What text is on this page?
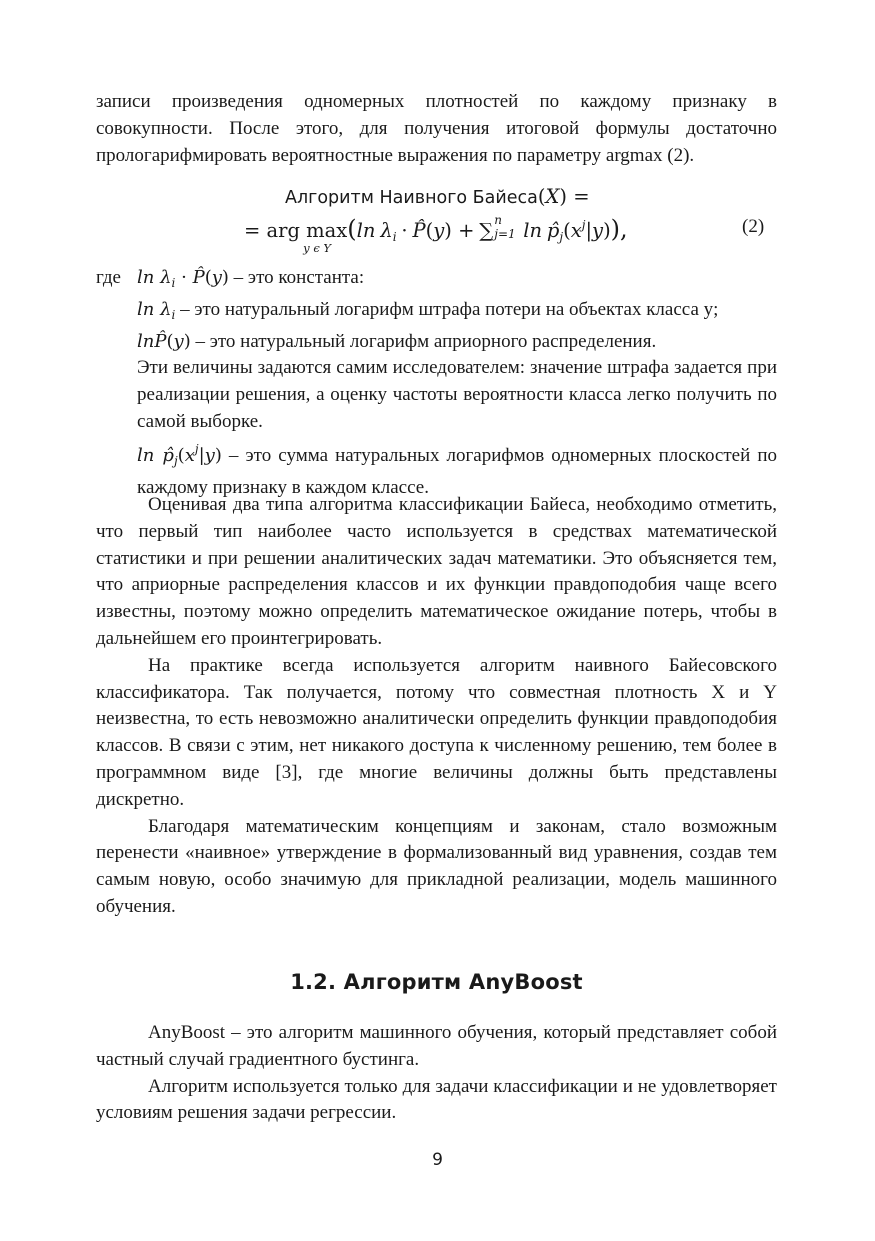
записи произведения одномерных плотностей по каждому признаку в совокупности. После этого, для получения итоговой формулы достаточно прологарифмировать вероятностные выражения по параметру argmax (2).

Алгоритм Наивного Байеса(X) =
= arg max
y ϵ Y
(ln $\lambda_i$ · P̂(y) + ∑ n
j=1 $\ln p̂_j(x^j|y)$),	(2)
где $\ln \lambda_i$ · P̂(y) – это константа:
$\ln \lambda_i$ – это натуральный логарифм штрафа потери на объектах класса y;
lnP̂(y) – это натуральный логарифм априорного распределения.
Эти величины задаются самим исследователем: значение штрафа задается при реализации решения, а оценку частоты вероятности класса легко получить по самой выборке.
$\ln p̂_j(x^j|y)$ – это сумма натуральных логарифмов одномерных плоскостей по каждому признаку в каждом классе.

Оценивая два типа алгоритма классификации Байеса, необходимо отметить, что первый тип наиболее часто используется в средствах математической статистики и при решении аналитических задач математики. Это объясняется тем, что априорные распределения классов и их функции правдоподобия чаще всего известны, поэтому можно определить математическое ожидание потерь, чтобы в дальнейшем его проинтегрировать.

На практике всегда используется алгоритм наивного Байесовского классификатора. Так получается, потому что совместная плотность X и Y неизвестна, то есть невозможно аналитически определить функции правдоподобия классов. В связи с этим, нет никакого доступа к численному решению, тем более в программном виде [3], где многие величины должны быть представлены дискретно.

Благодаря математическим концепциям и законам, стало возможным перенести «наивное» утверждение в формализованный вид уравнения, создав тем самым новую, особо значимую для прикладной реализации, модель машинного обучения.

1.2. Алгоритм AnyBoost

AnyBoost – это алгоритм машинного обучения, который представляет собой частный случай градиентного бустинга.

Алгоритм используется только для задачи классификации и не удовлетворяет условиям решения задачи регрессии.

9
